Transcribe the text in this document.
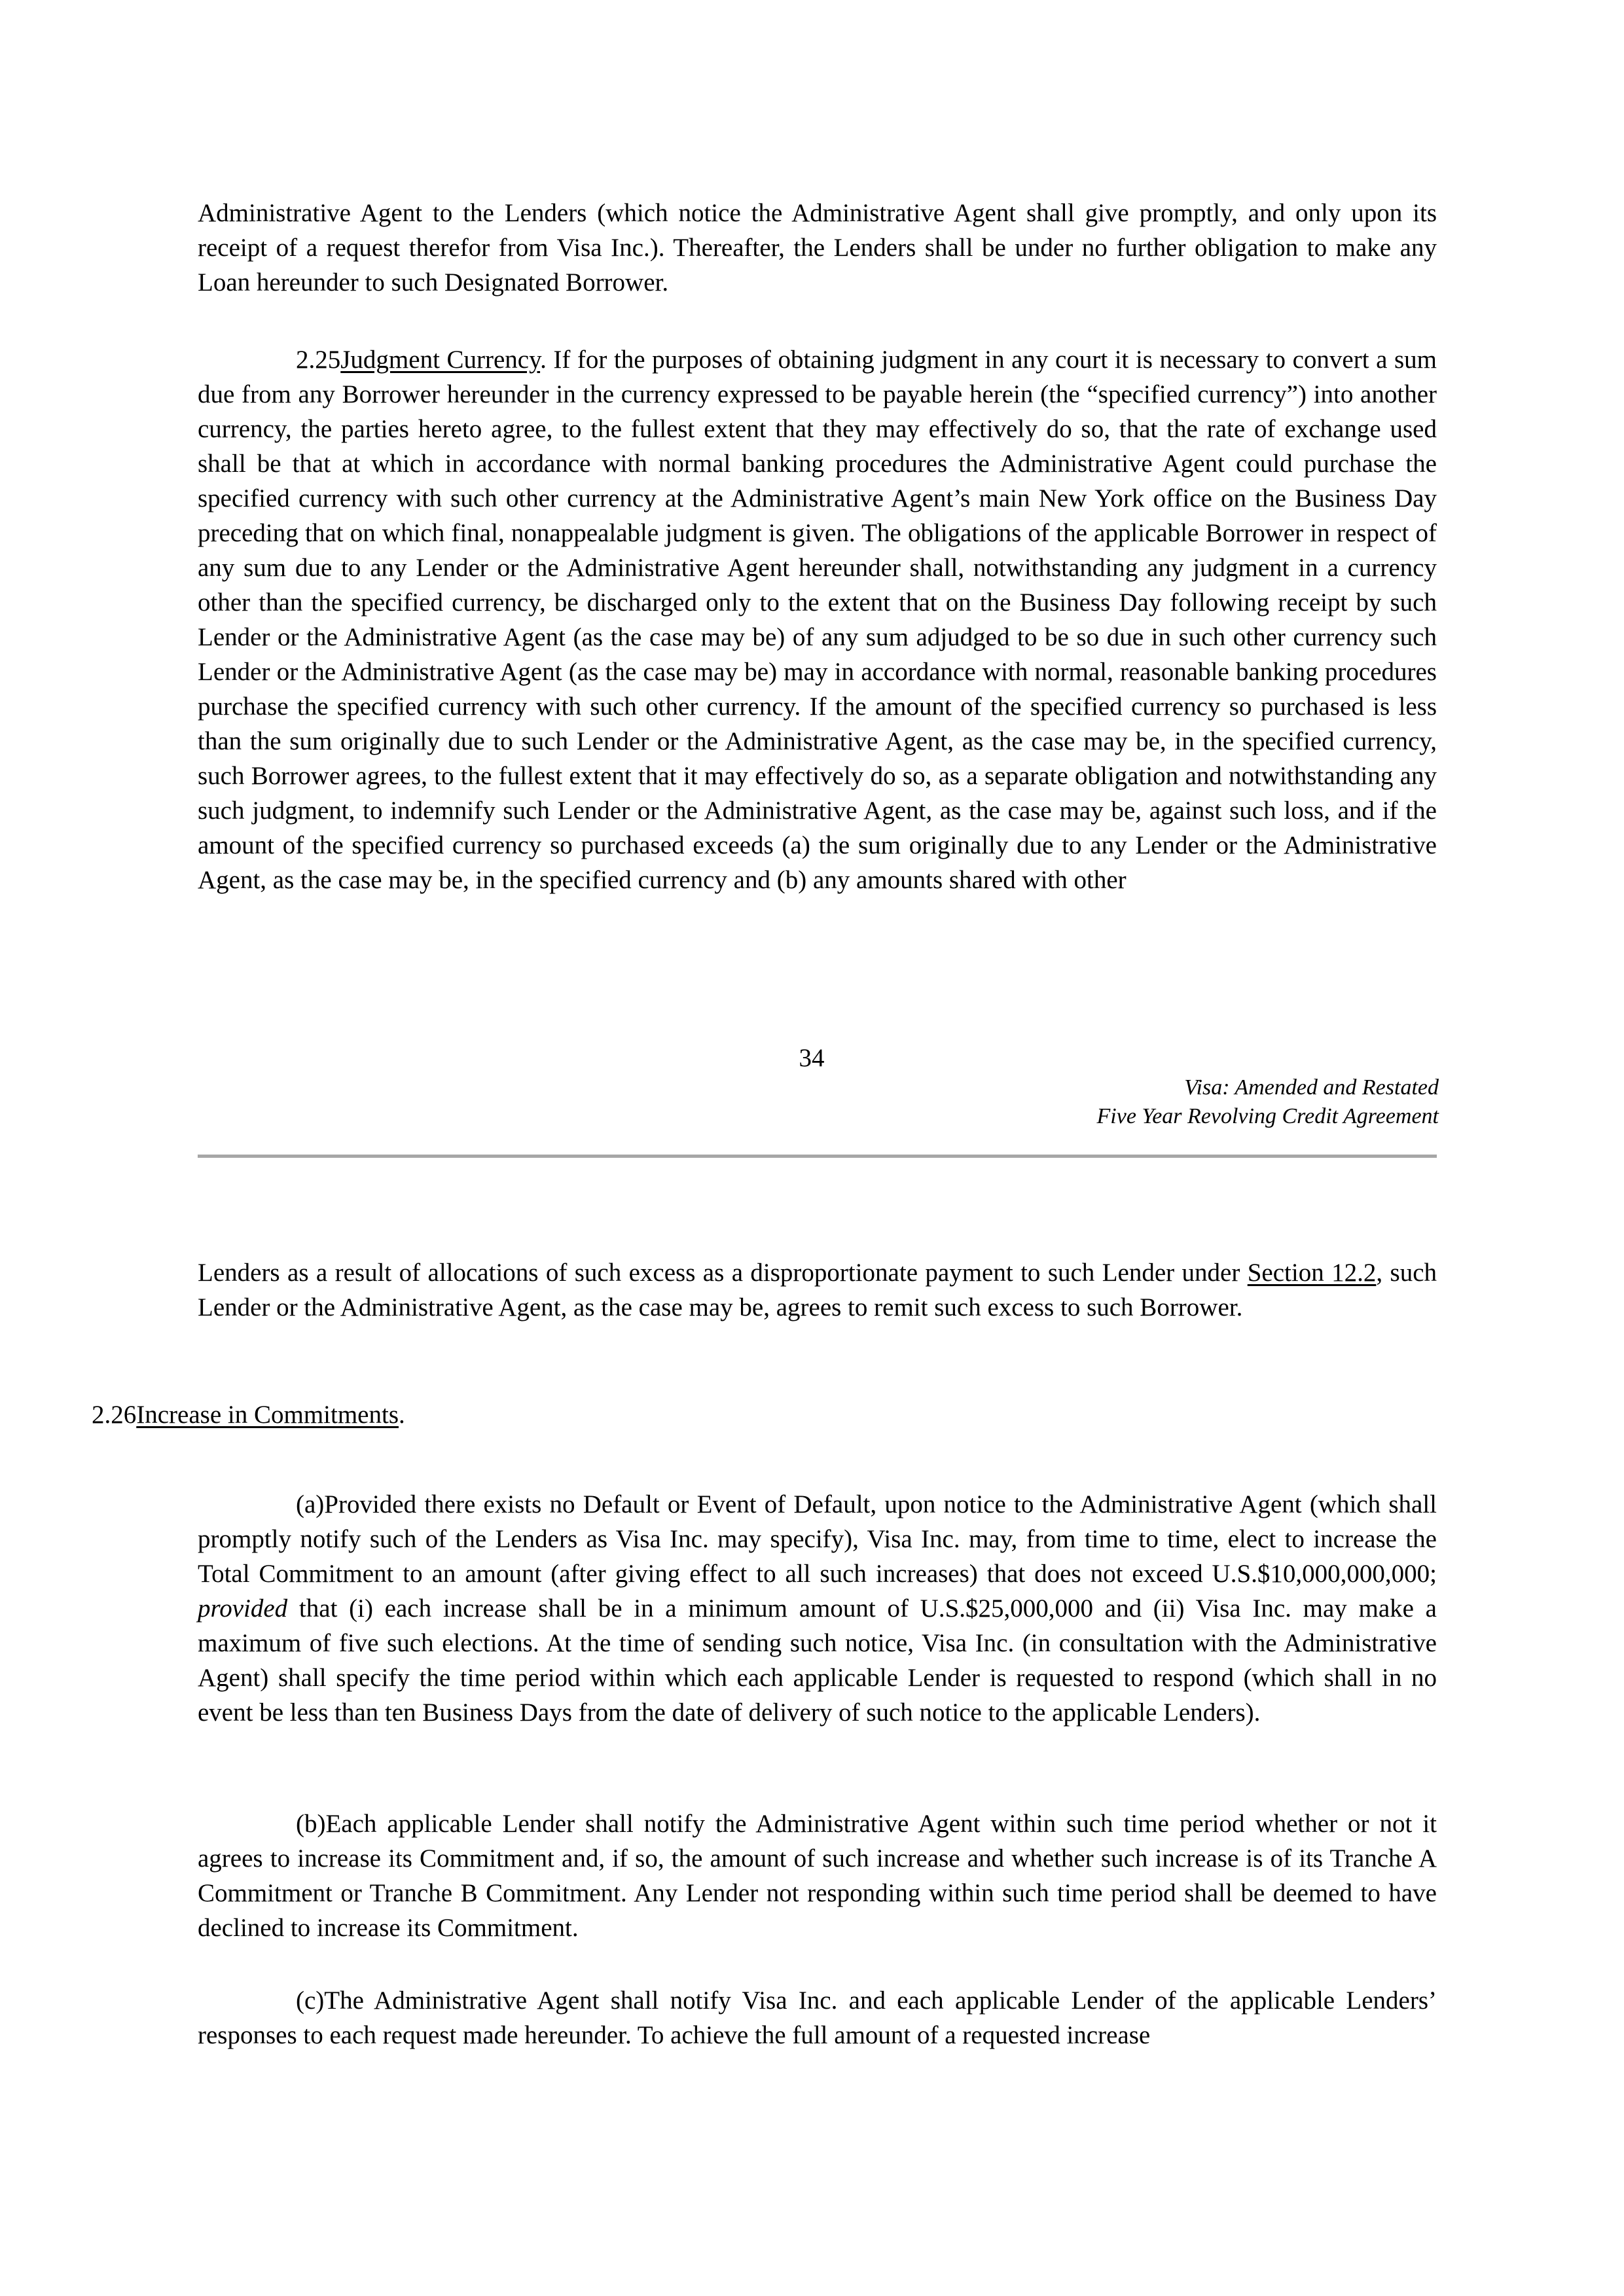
Administrative Agent to the Lenders (which notice the Administrative Agent shall give promptly, and only upon its receipt of a request therefor from Visa Inc.). Thereafter, the Lenders shall be under no further obligation to make any Loan hereunder to such Designated Borrower.

2.25Judgment Currency. If for the purposes of obtaining judgment in any court it is necessary to convert a sum due from any Borrower hereunder in the currency expressed to be payable herein (the “specified currency”) into another currency, the parties hereto agree, to the fullest extent that they may effectively do so, that the rate of exchange used shall be that at which in accordance with normal banking procedures the Administrative Agent could purchase the specified currency with such other currency at the Administrative Agent’s main New York office on the Business Day preceding that on which final, nonappealable judgment is given. The obligations of the applicable Borrower in respect of any sum due to any Lender or the Administrative Agent hereunder shall, notwithstanding any judgment in a currency other than the specified currency, be discharged only to the extent that on the Business Day following receipt by such Lender or the Administrative Agent (as the case may be) of any sum adjudged to be so due in such other currency such Lender or the Administrative Agent (as the case may be) may in accordance with normal, reasonable banking procedures purchase the specified currency with such other currency. If the amount of the specified currency so purchased is less than the sum originally due to such Lender or the Administrative Agent, as the case may be, in the specified currency, such Borrower agrees, to the fullest extent that it may effectively do so, as a separate obligation and notwithstanding any such judgment, to indemnify such Lender or the Administrative Agent, as the case may be, against such loss, and if the amount of the specified currency so purchased exceeds (a) the sum originally due to any Lender or the Administrative Agent, as the case may be, in the specified currency and (b) any amounts shared with other

34
Visa: Amended and Restated
Five Year Revolving Credit Agreement

Lenders as a result of allocations of such excess as a disproportionate payment to such Lender under Section 12.2, such Lender or the Administrative Agent, as the case may be, agrees to remit such excess to such Borrower.

2.26Increase in Commitments.

(a)Provided there exists no Default or Event of Default, upon notice to the Administrative Agent (which shall promptly notify such of the Lenders as Visa Inc. may specify), Visa Inc. may, from time to time, elect to increase the Total Commitment to an amount (after giving effect to all such increases) that does not exceed U.S.$10,000,000,000; provided that (i) each increase shall be in a minimum amount of U.S.$25,000,000 and (ii) Visa Inc. may make a maximum of five such elections. At the time of sending such notice, Visa Inc. (in consultation with the Administrative Agent) shall specify the time period within which each applicable Lender is requested to respond (which shall in no event be less than ten Business Days from the date of delivery of such notice to the applicable Lenders).

(b)Each applicable Lender shall notify the Administrative Agent within such time period whether or not it agrees to increase its Commitment and, if so, the amount of such increase and whether such increase is of its Tranche A Commitment or Tranche B Commitment. Any Lender not responding within such time period shall be deemed to have declined to increase its Commitment.

(c)The Administrative Agent shall notify Visa Inc. and each applicable Lender of the applicable Lenders’ responses to each request made hereunder. To achieve the full amount of a requested increase
